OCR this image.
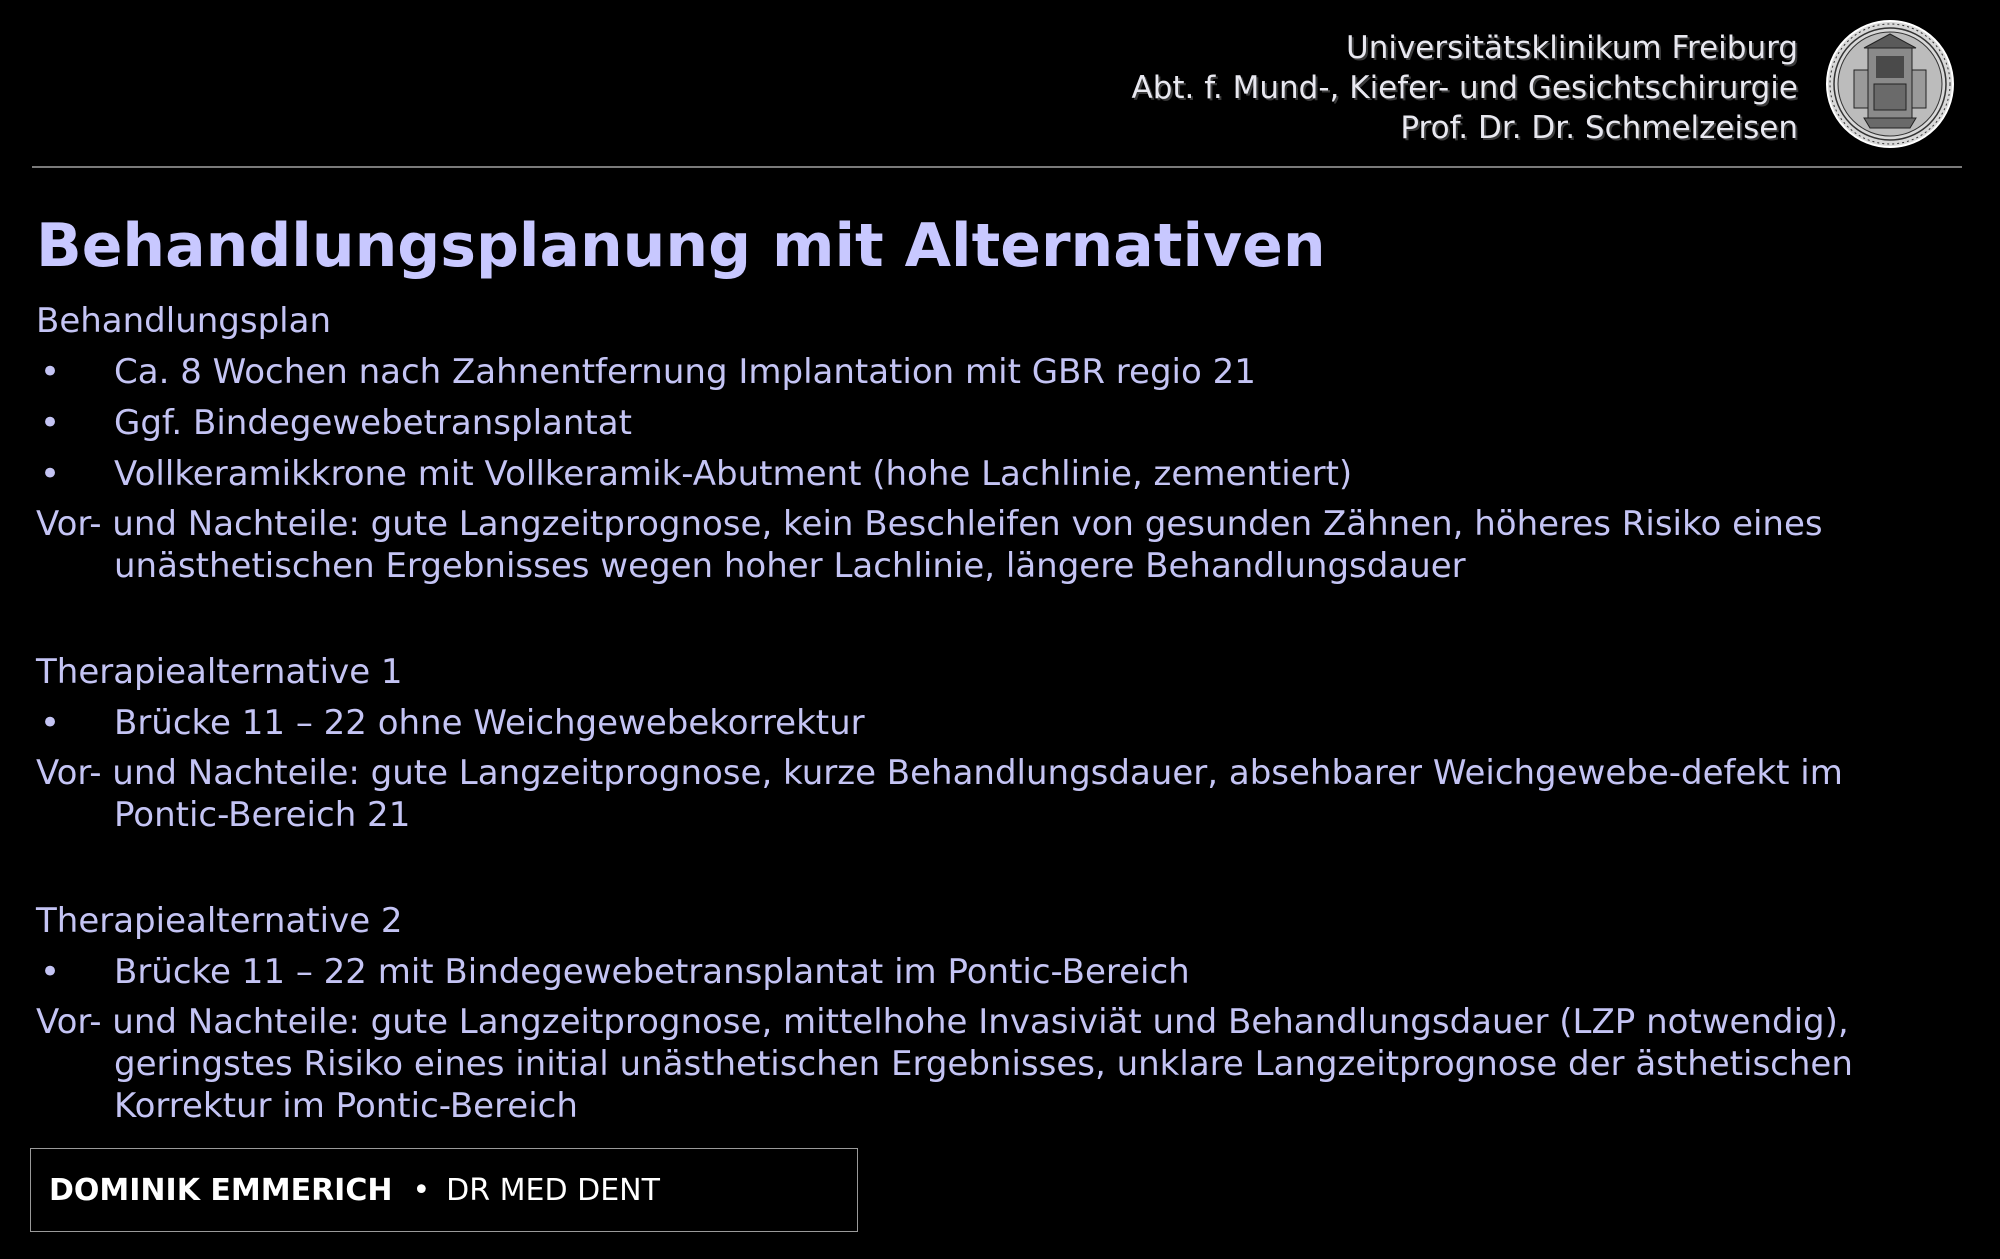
Universitätsklinikum Freiburg
Abt. f. Mund-, Kiefer- und Gesichtschirurgie
Prof. Dr. Dr. Schmelzeisen
Behandlungsplanung mit Alternativen
Behandlungsplan
• Ca. 8 Wochen nach Zahnentfernung Implantation mit GBR regio 21
• Ggf. Bindegewebetransplantat
• Vollkeramikkrone mit Vollkeramik-Abutment (hohe Lachlinie, zementiert)
Vor- und Nachteile: gute Langzeitprognose, kein Beschleifen von gesunden Zähnen, höheres Risiko eines unästhetischen Ergebnisses wegen hoher Lachlinie, längere Behandlungsdauer
Therapiealternative 1
• Brücke 11 – 22 ohne Weichgewebekorrektur
Vor- und Nachteile: gute Langzeitprognose, kurze Behandlungsdauer, absehbarer Weichgewebe-defekt im Pontic-Bereich 21
Therapiealternative 2
• Brücke 11 – 22 mit Bindegewebetransplantat im Pontic-Bereich
Vor- und Nachteile: gute Langzeitprognose, mittelhohe Invasiviät und Behandlungsdauer (LZP notwendig), geringstes Risiko eines initial unästhetischen Ergebnisses, unklare Langzeitprognose der ästhetischen Korrektur im Pontic-Bereich
DOMINIK EMMERICH • DR MED DENT
